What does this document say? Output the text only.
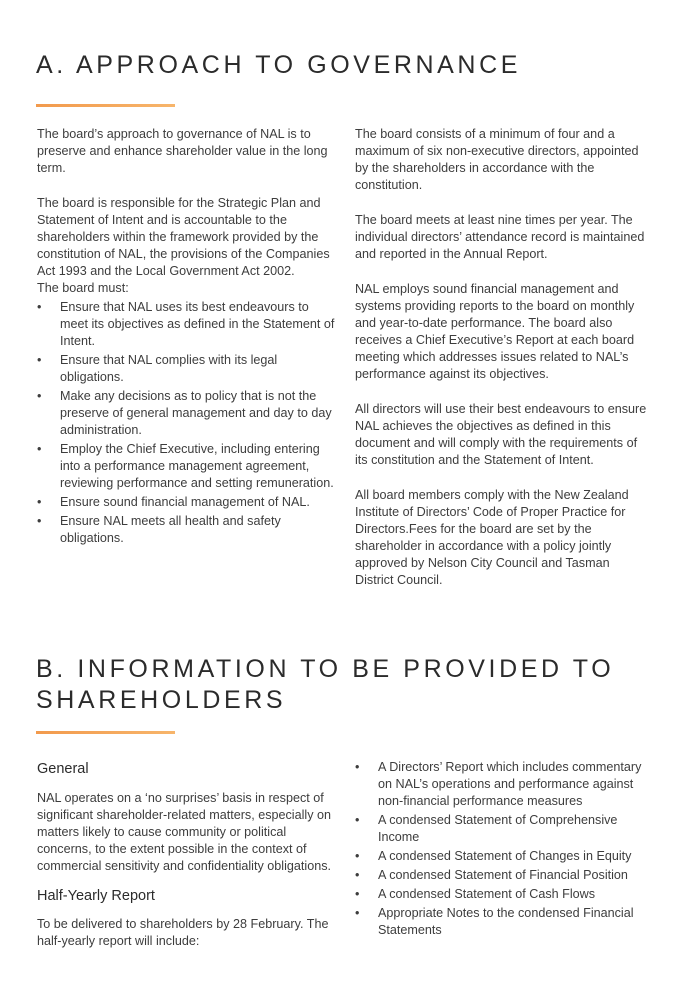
A. APPROACH TO GOVERNANCE

The board’s approach to governance of NAL is to preserve and enhance shareholder value in the long term.

The board is responsible for the Strategic Plan and Statement of Intent and is accountable to the shareholders within the framework provided by the constitution of NAL, the provisions of the Companies Act 1993 and the Local Government Act 2002.

The board must:

• Ensure that NAL uses its best endeavours to meet its objectives as defined in the Statement of Intent.
• Ensure that NAL complies with its legal obligations.
• Make any decisions as to policy that is not the preserve of general management and day to day administration.
• Employ the Chief Executive, including entering into a performance management agreement, reviewing performance and setting remuneration.
• Ensure sound financial management of NAL.
• Ensure NAL meets all health and safety obligations.

The board consists of a minimum of four and a maximum of six non-executive directors, appointed by the shareholders in accordance with the constitution.

The board meets at least nine times per year. The individual directors’ attendance record is maintained and reported in the Annual Report.

NAL employs sound financial management and systems providing reports to the board on monthly and year-to-date performance. The board also receives a Chief Executive’s Report at each board meeting which addresses issues related to NAL’s performance against its objectives.

All directors will use their best endeavours to ensure NAL achieves the objectives as defined in this document and will comply with the requirements of its constitution and the Statement of Intent.

All board members comply with the New Zealand Institute of Directors’ Code of Proper Practice for Directors.Fees for the board are set by the shareholder in accordance with a policy jointly approved by Nelson City Council and Tasman District Council.

B. INFORMATION TO BE PROVIDED TO
SHAREHOLDERS

General

NAL operates on a ‘no surprises’ basis in respect of significant shareholder-related matters, especially on matters likely to cause community or political concerns, to the extent possible in the context of commercial sensitivity and confidentiality obligations.

Half-Yearly Report

To be delivered to shareholders by 28 February. The half-yearly report will include:

• A Directors’ Report which includes commentary on NAL’s operations and performance against non-financial performance measures
• A condensed Statement of Comprehensive Income
• A condensed Statement of Changes in Equity
• A condensed Statement of Financial Position
• A condensed Statement of Cash Flows
• Appropriate Notes to the condensed Financial Statements
